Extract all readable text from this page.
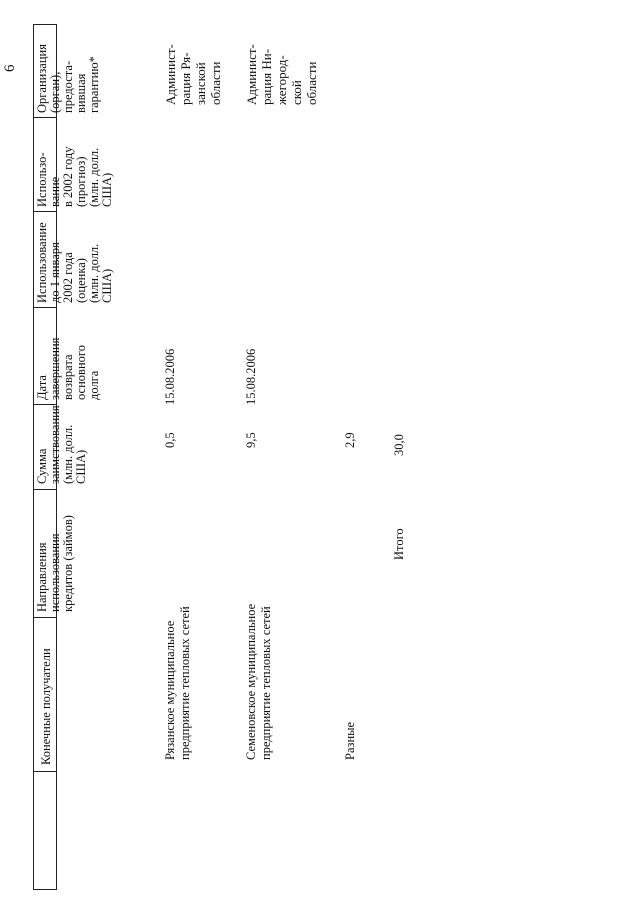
6
Конечные получатели
Направления использования кредитов (займов)
Сумма заимствования (млн. долл. США)
Дата завершения возврата основного долга
Использование до 1 января 2002 года (оценка) (млн. долл. США)
Использо- вание в 2002 году (прогноз) (млн. долл. США)
Организация (орган), предоста- вившая гарантию*
Рязанское муниципальное предприятие тепловых сетей
0,5
15.08.2006
Админист- рация Ря- занской области
Семеновское муниципальное предприятие тепловых сетей
9,5
15.08.2006
Админист- рация Ни- жегород- ской области
Разные
2,9
Итого
30,0
